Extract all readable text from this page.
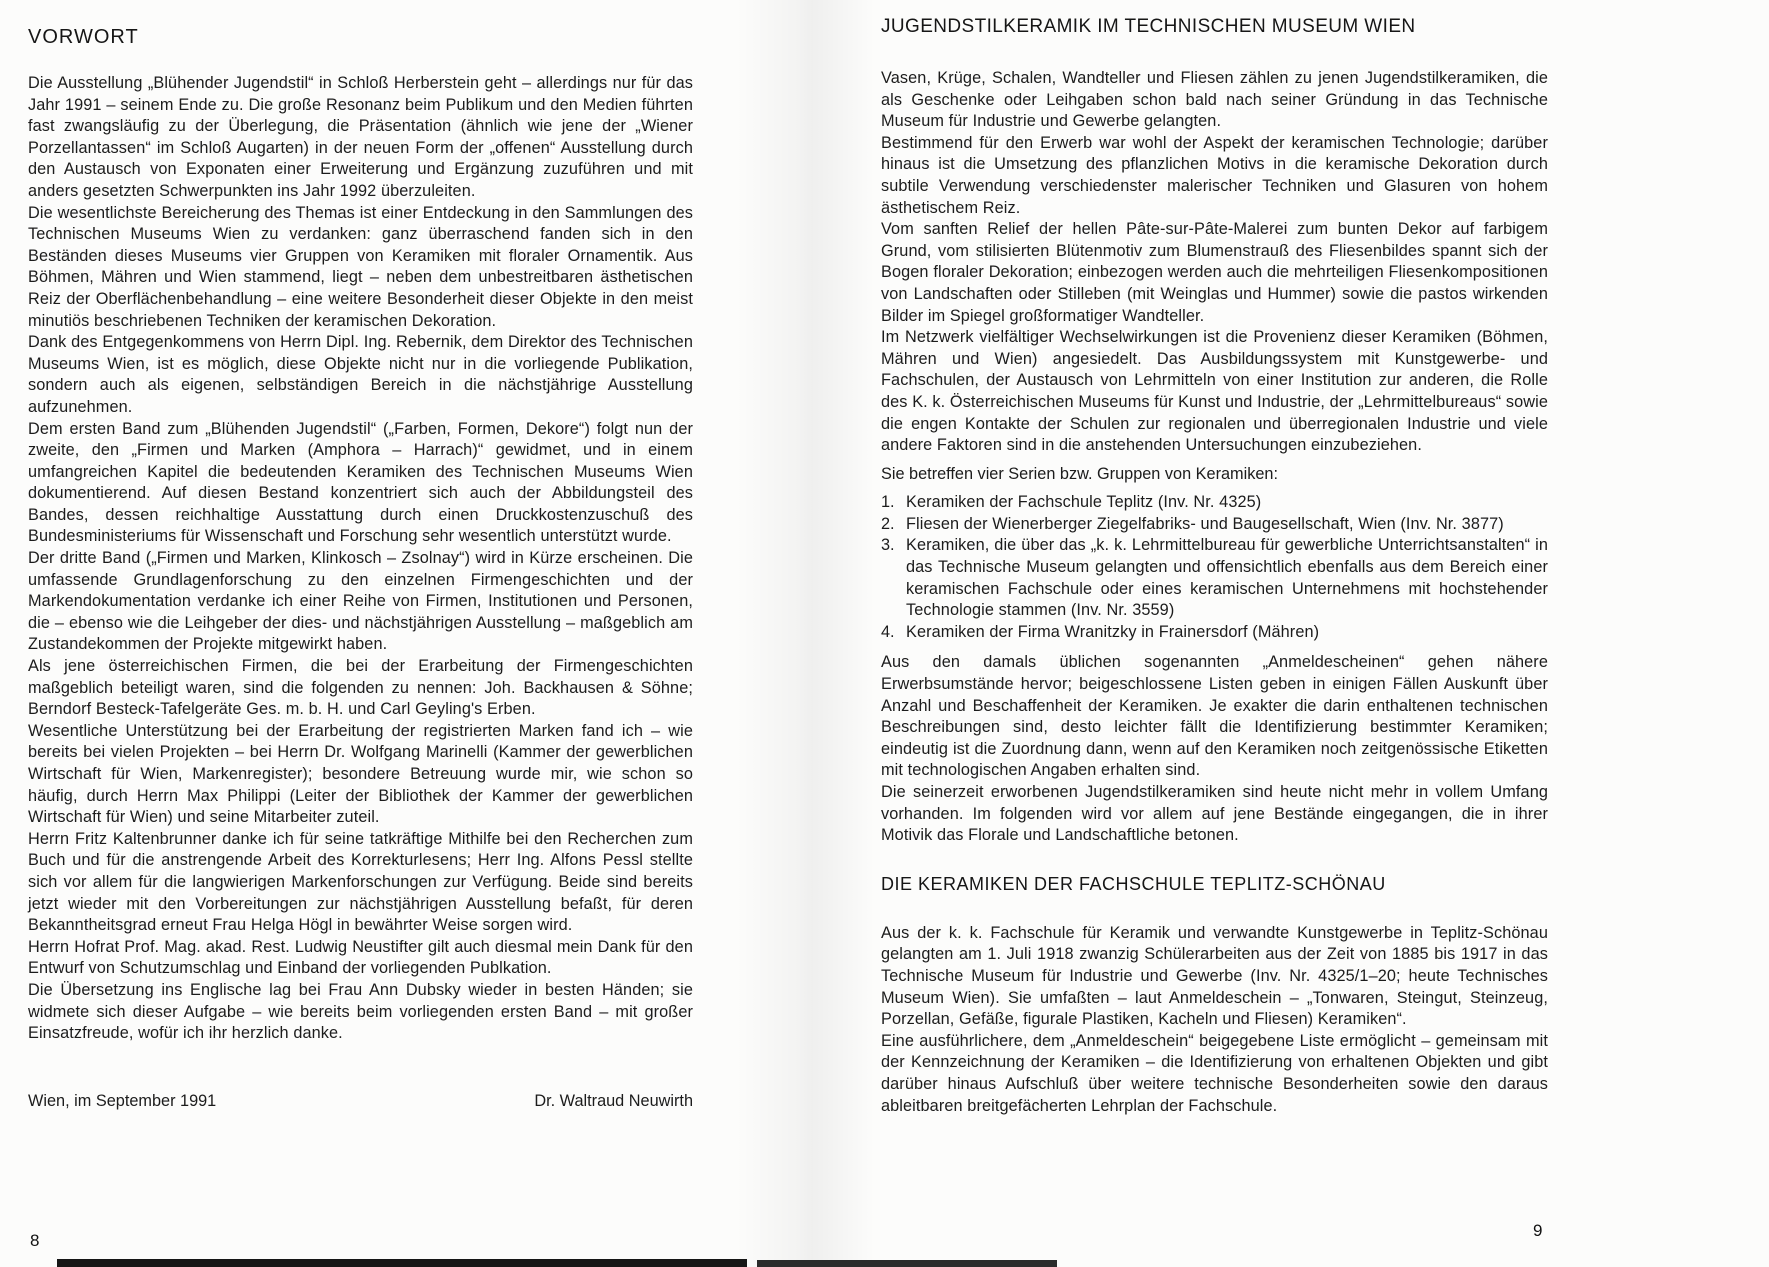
VORWORT

Die Ausstellung „Blühender Jugendstil“ in Schloß Herberstein geht – allerdings nur für das Jahr 1991 – seinem Ende zu. Die große Resonanz beim Publikum und den Medien führten fast zwangsläufig zu der Überlegung, die Präsentation (ähnlich wie jene der „Wiener Porzellantassen“ im Schloß Augarten) in der neuen Form der „offenen“ Ausstellung durch den Austausch von Exponaten einer Erweiterung und Ergänzung zuzuführen und mit anders gesetzten Schwerpunkten ins Jahr 1992 überzuleiten.

Die wesentlichste Bereicherung des Themas ist einer Entdeckung in den Sammlungen des Technischen Museums Wien zu verdanken: ganz überraschend fanden sich in den Beständen dieses Museums vier Gruppen von Keramiken mit floraler Ornamentik. Aus Böhmen, Mähren und Wien stammend, liegt – neben dem unbestreitbaren ästhetischen Reiz der Oberflächenbehandlung – eine weitere Besonderheit dieser Objekte in den meist minutiös beschriebenen Techniken der keramischen Dekoration.

Dank des Entgegenkommens von Herrn Dipl. Ing. Rebernik, dem Direktor des Technischen Museums Wien, ist es möglich, diese Objekte nicht nur in die vorliegende Publikation, sondern auch als eigenen, selbständigen Bereich in die nächstjährige Ausstellung aufzunehmen.

Dem ersten Band zum „Blühenden Jugendstil“ („Farben, Formen, Dekore“) folgt nun der zweite, den „Firmen und Marken (Amphora – Harrach)“ gewidmet, und in einem umfangreichen Kapitel die bedeutenden Keramiken des Technischen Museums Wien dokumentierend. Auf diesen Bestand konzentriert sich auch der Abbildungsteil des Bandes, dessen reichhaltige Ausstattung durch einen Druckkostenzuschuß des Bundesministeriums für Wissenschaft und Forschung sehr wesentlich unterstützt wurde.

Der dritte Band („Firmen und Marken, Klinkosch – Zsolnay“) wird in Kürze erscheinen. Die umfassende Grundlagenforschung zu den einzelnen Firmengeschichten und der Markendokumentation verdanke ich einer Reihe von Firmen, Institutionen und Personen, die – ebenso wie die Leihgeber der dies- und nächstjährigen Ausstellung – maßgeblich am Zustandekommen der Projekte mitgewirkt haben.

Als jene österreichischen Firmen, die bei der Erarbeitung der Firmengeschichten maßgeblich beteiligt waren, sind die folgenden zu nennen: Joh. Backhausen & Söhne; Berndorf Besteck-Tafelgeräte Ges. m. b. H. und Carl Geyling's Erben.

Wesentliche Unterstützung bei der Erarbeitung der registrierten Marken fand ich – wie bereits bei vielen Projekten – bei Herrn Dr. Wolfgang Marinelli (Kammer der gewerblichen Wirtschaft für Wien, Markenregister); besondere Betreuung wurde mir, wie schon so häufig, durch Herrn Max Philippi (Leiter der Bibliothek der Kammer der gewerblichen Wirtschaft für Wien) und seine Mitarbeiter zuteil.

Herrn Fritz Kaltenbrunner danke ich für seine tatkräftige Mithilfe bei den Recherchen zum Buch und für die anstrengende Arbeit des Korrekturlesens; Herr Ing. Alfons Pessl stellte sich vor allem für die langwierigen Markenforschungen zur Verfügung. Beide sind bereits jetzt wieder mit den Vorbereitungen zur nächstjährigen Ausstellung befaßt, für deren Bekanntheitsgrad erneut Frau Helga Högl in bewährter Weise sorgen wird.

Herrn Hofrat Prof. Mag. akad. Rest. Ludwig Neustifter gilt auch diesmal mein Dank für den Entwurf von Schutzumschlag und Einband der vorliegenden Publkation.

Die Übersetzung ins Englische lag bei Frau Ann Dubsky wieder in besten Händen; sie widmete sich dieser Aufgabe – wie bereits beim vorliegenden ersten Band – mit großer Einsatzfreude, wofür ich ihr herzlich danke.

Wien, im September 1991	Dr. Waltraud Neuwirth
JUGENDSTILKERAMIK IM TECHNISCHEN MUSEUM WIEN

Vasen, Krüge, Schalen, Wandteller und Fliesen zählen zu jenen Jugendstilkeramiken, die als Geschenke oder Leihgaben schon bald nach seiner Gründung in das Technische Museum für Industrie und Gewerbe gelangten.

Bestimmend für den Erwerb war wohl der Aspekt der keramischen Technologie; darüber hinaus ist die Umsetzung des pflanzlichen Motivs in die keramische Dekoration durch subtile Verwendung verschiedenster malerischer Techniken und Glasuren von hohem ästhetischem Reiz.

Vom sanften Relief der hellen Pâte-sur-Pâte-Malerei zum bunten Dekor auf farbigem Grund, vom stilisierten Blütenmotiv zum Blumenstrauß des Fliesenbildes spannt sich der Bogen floraler Dekoration; einbezogen werden auch die mehrteiligen Fliesenkompositionen von Landschaften oder Stilleben (mit Weinglas und Hummer) sowie die pastos wirkenden Bilder im Spiegel großformatiger Wandteller.

Im Netzwerk vielfältiger Wechselwirkungen ist die Provenienz dieser Keramiken (Böhmen, Mähren und Wien) angesiedelt. Das Ausbildungssystem mit Kunstgewerbe- und Fachschulen, der Austausch von Lehrmitteln von einer Institution zur anderen, die Rolle des K. k. Österreichischen Museums für Kunst und Industrie, der „Lehrmittelbureaus“ sowie die engen Kontakte der Schulen zur regionalen und überregionalen Industrie und viele andere Faktoren sind in die anstehenden Untersuchungen einzubeziehen.

Sie betreffen vier Serien bzw. Gruppen von Keramiken:

1. Keramiken der Fachschule Teplitz (Inv. Nr. 4325)

2. Fliesen der Wienerberger Ziegelfabriks- und Baugesellschaft, Wien (Inv. Nr. 3877)

3. Keramiken, die über das „k. k. Lehrmittelbureau für gewerbliche Unterrichtsanstalten“ in das Technische Museum gelangten und offensichtlich ebenfalls aus dem Bereich einer keramischen Fachschule oder eines keramischen Unternehmens mit hochstehender Technologie stammen (Inv. Nr. 3559)

4. Keramiken der Firma Wranitzky in Frainersdorf (Mähren)

Aus den damals üblichen sogenannten „Anmeldescheinen“ gehen nähere Erwerbsumstände hervor; beigeschlossene Listen geben in einigen Fällen Auskunft über Anzahl und Beschaffenheit der Keramiken. Je exakter die darin enthaltenen technischen Beschreibungen sind, desto leichter fällt die Identifizierung bestimmter Keramiken; eindeutig ist die Zuordnung dann, wenn auf den Keramiken noch zeitgenössische Etiketten mit technologischen Angaben erhalten sind.

Die seinerzeit erworbenen Jugendstilkeramiken sind heute nicht mehr in vollem Umfang vorhanden. Im folgenden wird vor allem auf jene Bestände eingegangen, die in ihrer Motivik das Florale und Landschaftliche betonen.

DIE KERAMIKEN DER FACHSCHULE TEPLITZ-SCHÖNAU

Aus der k. k. Fachschule für Keramik und verwandte Kunstgewerbe in Teplitz-Schönau gelangten am 1. Juli 1918 zwanzig Schülerarbeiten aus der Zeit von 1885 bis 1917 in das Technische Museum für Industrie und Gewerbe (Inv. Nr. 4325/1–20; heute Technisches Museum Wien). Sie umfaßten – laut Anmeldeschein – „Tonwaren, Steingut, Steinzeug, Porzellan, Gefäße, figurale Plastiken, Kacheln und Fliesen) Keramiken“.

Eine ausführlichere, dem „Anmeldeschein“ beigegebene Liste ermöglicht – gemeinsam mit der Kennzeichnung der Keramiken – die Identifizierung von erhaltenen Objekten und gibt darüber hinaus Aufschluß über weitere technische Besonderheiten sowie den daraus ableitbaren breitgefächerten Lehrplan der Fachschule.

8
9
